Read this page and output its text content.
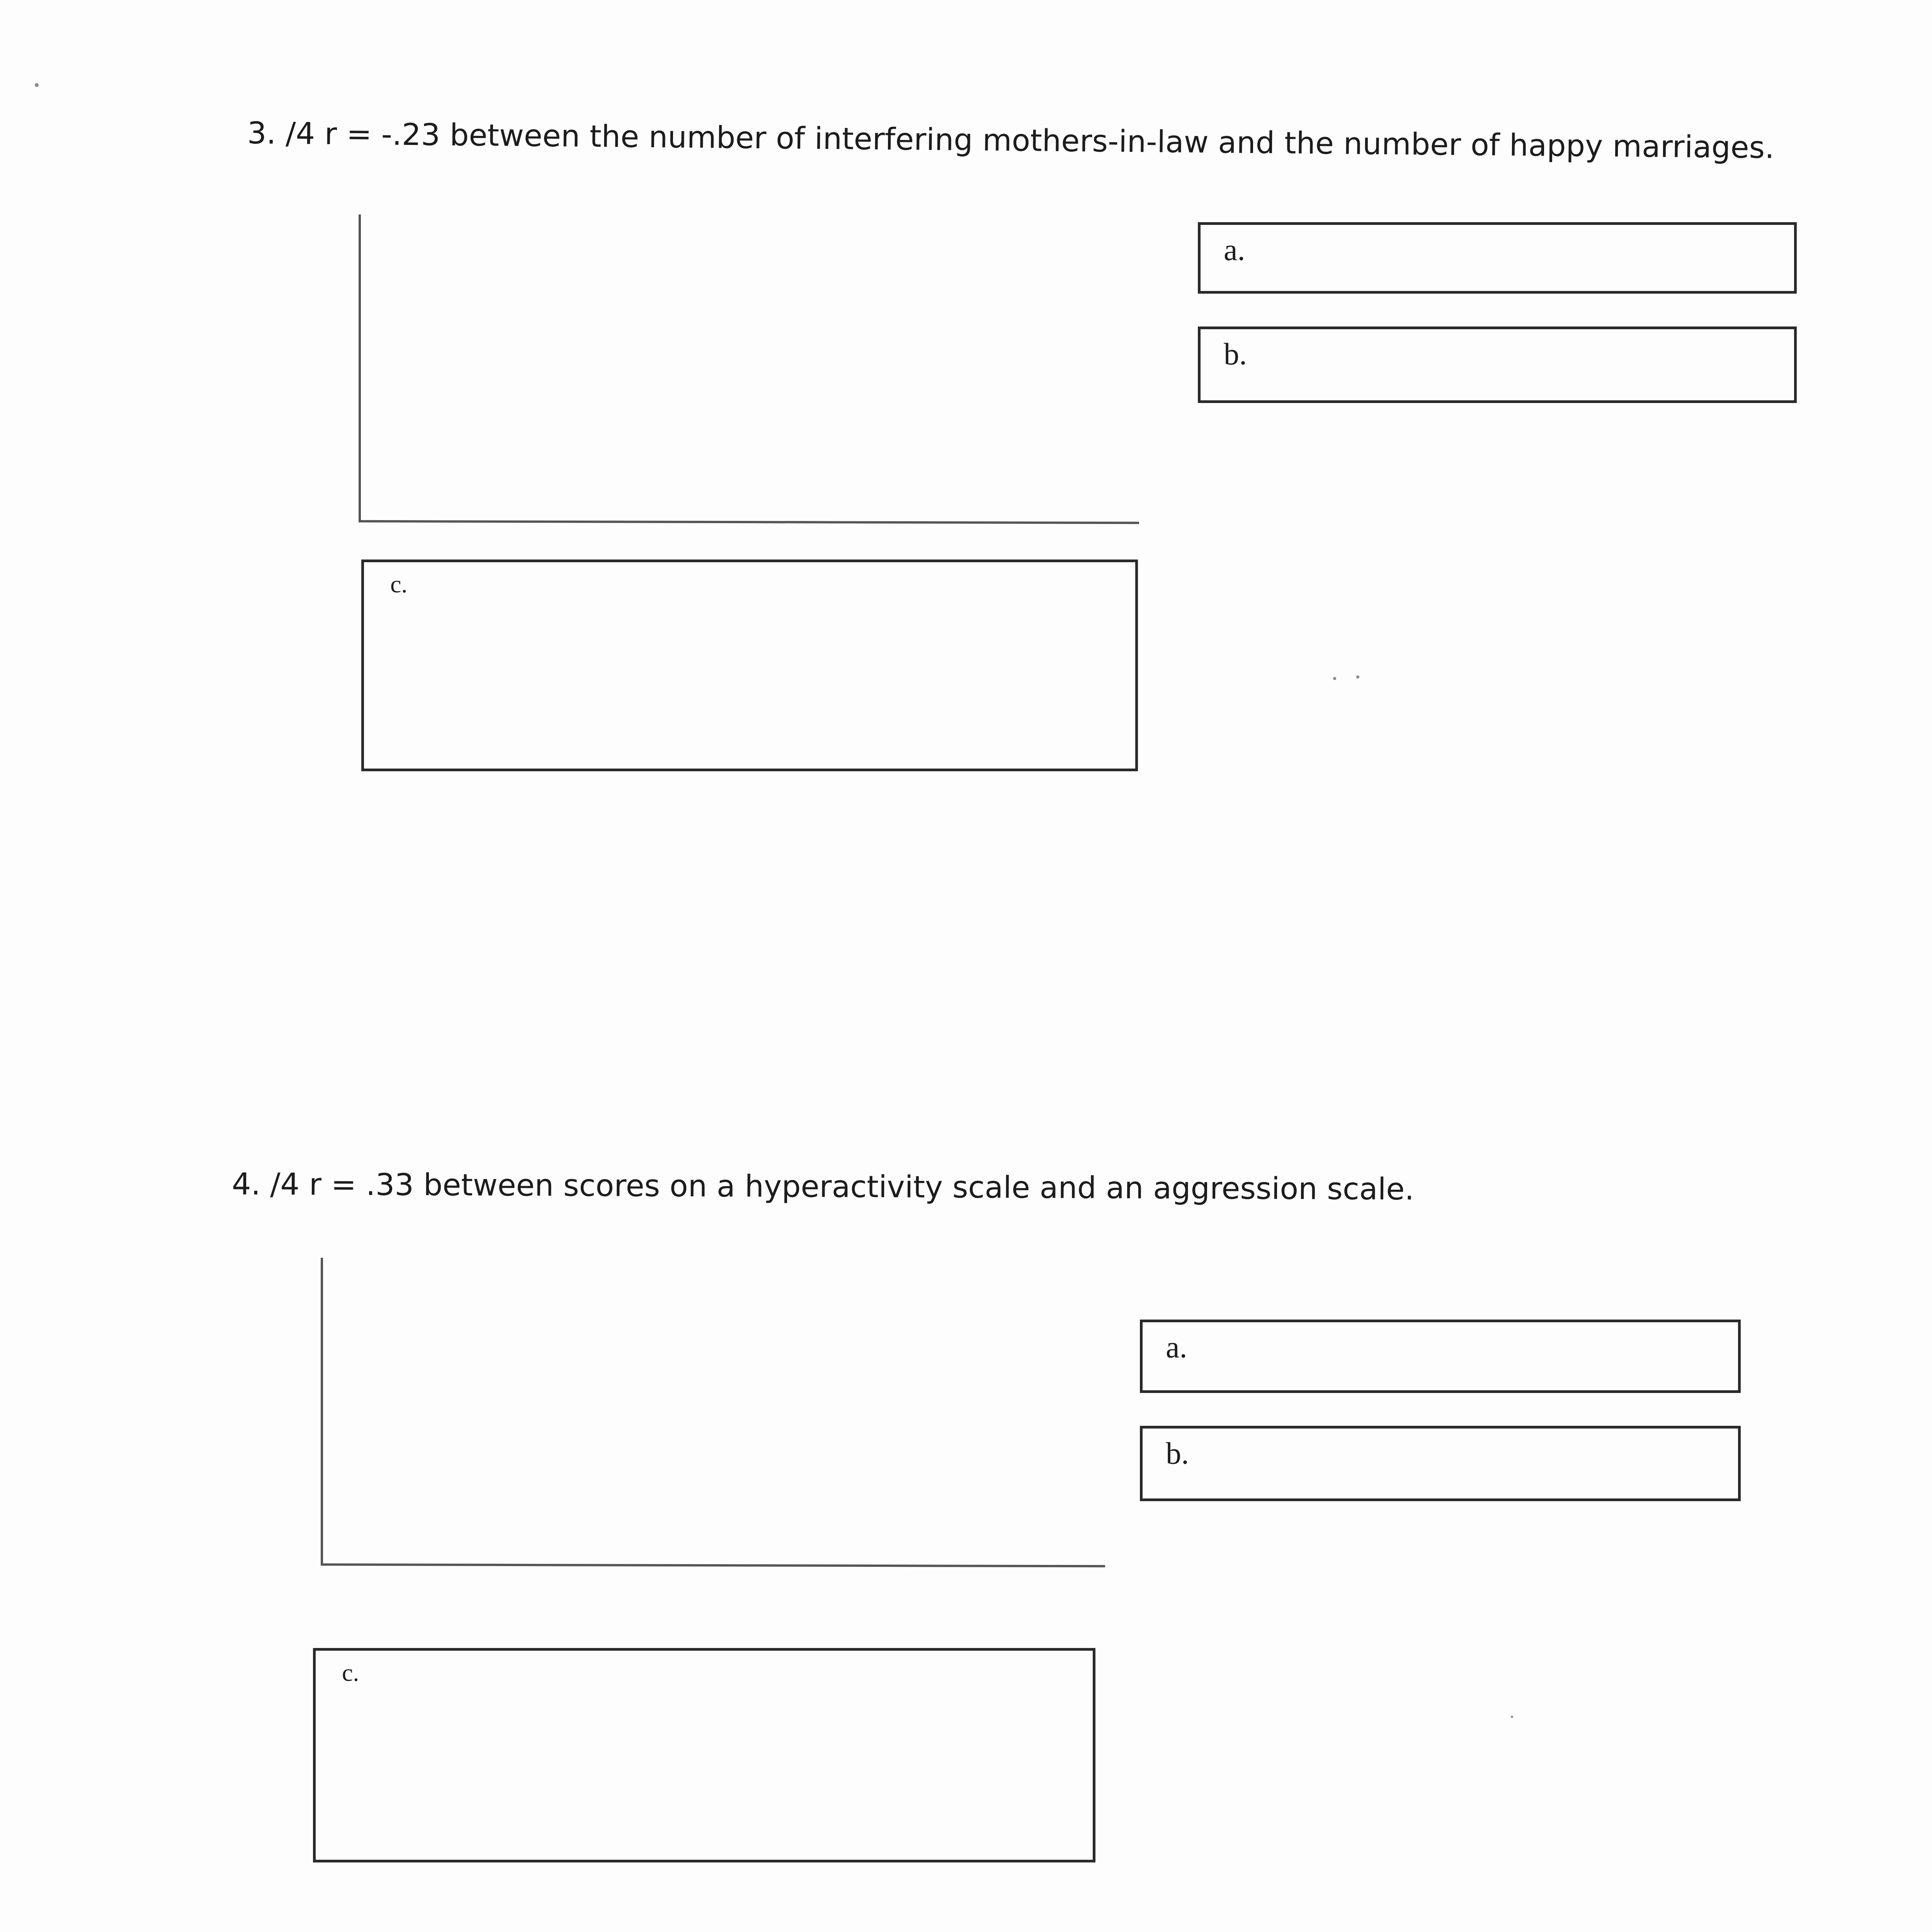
3. /4 r = -.23 between the number of interfering mothers-in-law and the number of happy marriages.
a.
b.
c.
4. /4 r = .33 between scores on a hyperactivity scale and an aggression scale.
a.
b.
c.
